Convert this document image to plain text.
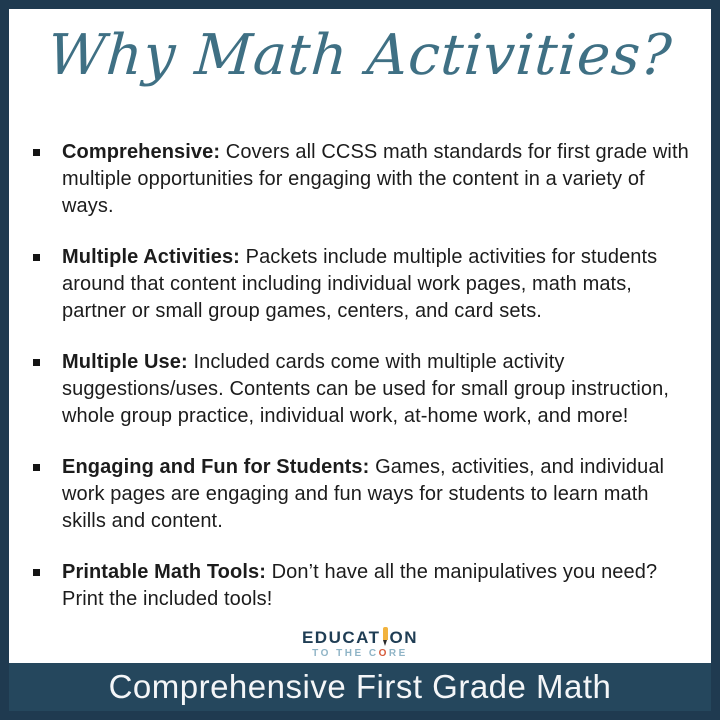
Why Math Activities?

Comprehensive: Covers all CCSS math standards for first grade with multiple opportunities for engaging with the content in a variety of ways.

Multiple Activities: Packets include multiple activities for students around that content including individual work pages, math mats, partner or small group games, centers, and card sets.

Multiple Use: Included cards come with multiple activity suggestions/uses. Contents can be used for small group instruction, whole group practice, individual work, at-home work, and more!

Engaging and Fun for Students: Games, activities, and individual work pages are engaging and fun ways for students to learn math skills and content.

Printable Math Tools: Don’t have all the manipulatives you need? Print the included tools!

EDUCAT ON
TO THE CORE
Comprehensive First Grade Math
